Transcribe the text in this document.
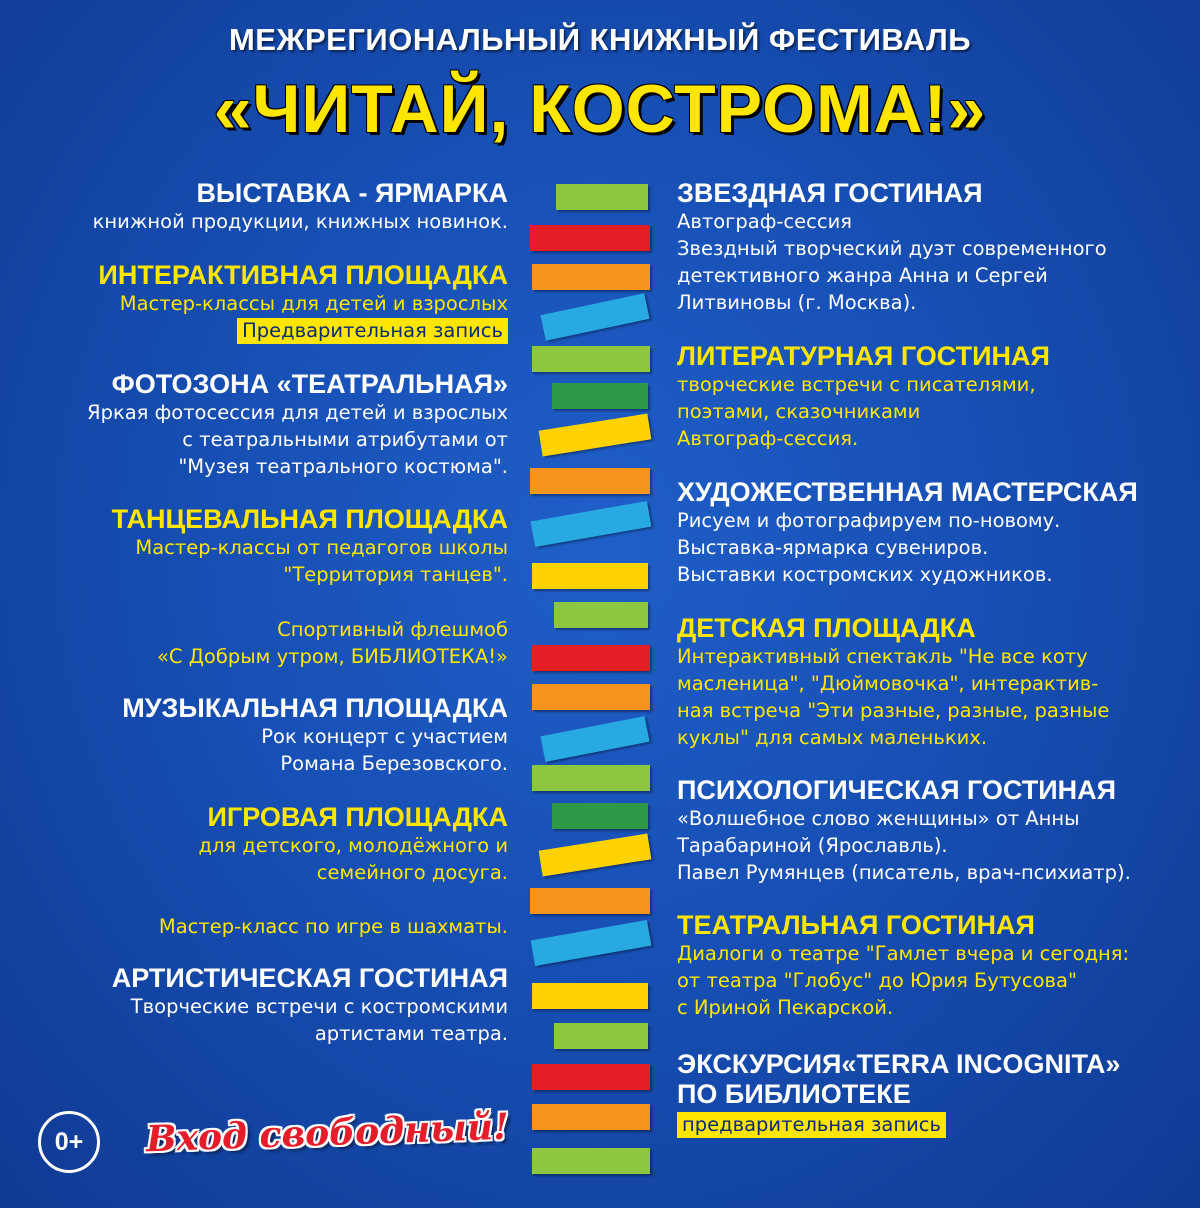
МЕЖРЕГИОНАЛЬНЫЙ КНИЖНЫЙ ФЕСТИВАЛЬ
«ЧИТАЙ, КОСТРОМА!»
ВЫСТАВКА - ЯРМАРКА
книжной продукции, книжных новинок.
ИНТЕРАКТИВНАЯ ПЛОЩАДКА
Мастер-классы для детей и взрослых
Предварительная запись
ФОТОЗОНА «ТЕАТРАЛЬНАЯ»
Яркая фотосессия для детей и взрослых
с театральными атрибутами от
"Музея театрального костюма".
ТАНЦЕВАЛЬНАЯ ПЛОЩАДКА
Мастер-классы от педагогов школы
"Территория танцев".
Спортивный флешмоб
«С Добрым утром, БИБЛИОТЕКА!»
МУЗЫКАЛЬНАЯ ПЛОЩАДКА
Рок концерт с участием
Романа Березовского.
ИГРОВАЯ ПЛОЩАДКА
для детского, молодёжного и
семейного досуга.
Мастер-класс по игре в шахматы.
АРТИСТИЧЕСКАЯ ГОСТИНАЯ
Творческие встречи с костромскими
артистами театра.
ЗВЕЗДНАЯ ГОСТИНАЯ
Автограф-сессия
Звездный творческий дуэт современного
детективного жанра Анна и Сергей
Литвиновы (г. Москва).
ЛИТЕРАТУРНАЯ ГОСТИНАЯ
творческие встречи с писателями,
поэтами, сказочниками
Автограф-сессия.
ХУДОЖЕСТВЕННАЯ МАСТЕРСКАЯ
Рисуем и фотографируем по-новому.
Выставка-ярмарка сувениров.
Выставки костромских художников.
ДЕТСКАЯ ПЛОЩАДКА
Интерактивный спектакль "Не все коту
масленица", "Дюймовочка", интерактив-
ная встреча "Эти разные, разные, разные
куклы" для самых маленьких.
ПСИХОЛОГИЧЕСКАЯ ГОСТИНАЯ
«Волшебное слово женщины» от Анны
Тарабариной (Ярославль).
Павел Румянцев (писатель, врач-психиатр).
ТЕАТРАЛЬНАЯ ГОСТИНАЯ
Диалоги о театре "Гамлет вчера и сегодня:
от театра "Глобус" до Юрия Бутусова"
с Ириной Пекарской.
ЭКСКУРСИЯ«TERRA INCOGNITA»
ПО БИБЛИОТЕКЕ
предварительная запись
0+	Вход свободный!
